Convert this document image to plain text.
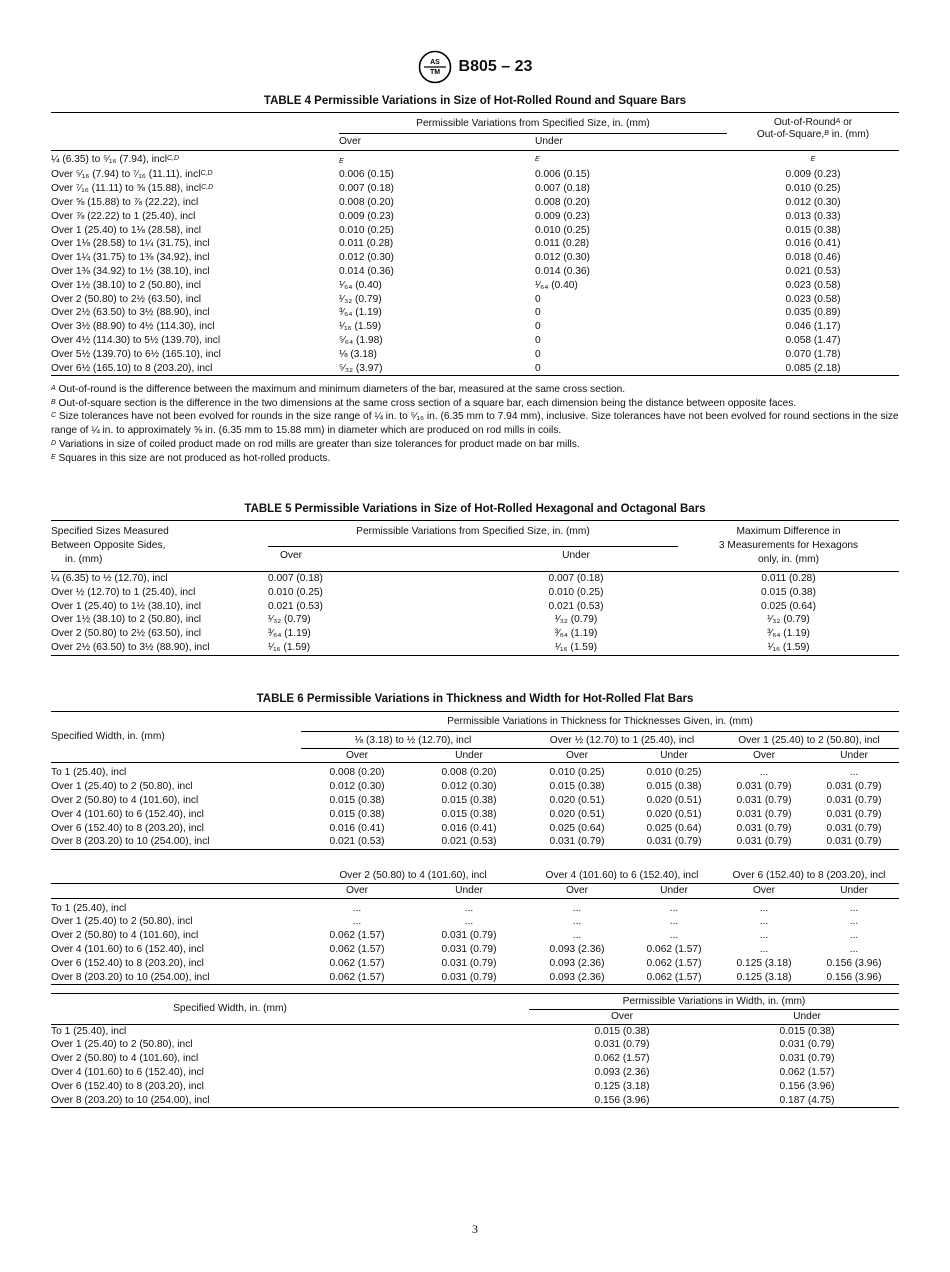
AS
TM B805 – 23
TABLE 4 Permissible Variations in Size of Hot-Rolled Round and Square Bars
	Permissible Variations from Specified Size, in. (mm)		Out-of-Round$^A$ or
Out-of-Square,$^B$ in. (mm)
	Over	Under	
¼ (6.35) to ⁵⁄₁₆ (7.94), incl$^{C,D}$	E	E	E
Over ⁵⁄₁₆ (7.94) to ⁷⁄₁₆ (11.11), incl$^{C,D}$	0.006 (0.15)	0.006 (0.15)	0.009 (0.23)
Over ⁷⁄₁₆ (11.11) to ⅝ (15.88), incl$^{C,D}$	0.007 (0.18)	0.007 (0.18)	0.010 (0.25)
Over ⅝ (15.88) to ⅞ (22.22), incl	0.008 (0.20)	0.008 (0.20)	0.012 (0.30)
Over ⅞ (22.22) to 1 (25.40), incl	0.009 (0.23)	0.009 (0.23)	0.013 (0.33)
Over 1 (25.40) to 1⅛ (28.58), incl	0.010 (0.25)	0.010 (0.25)	0.015 (0.38)
Over 1⅛ (28.58) to 1¼ (31.75), incl	0.011 (0.28)	0.011 (0.28)	0.016 (0.41)
Over 1¼ (31.75) to 1⅜ (34.92), incl	0.012 (0.30)	0.012 (0.30)	0.018 (0.46)
Over 1⅜ (34.92) to 1½ (38.10), incl	0.014 (0.36)	0.014 (0.36)	0.021 (0.53)
Over 1½ (38.10) to 2 (50.80), incl	¹⁄₆₄ (0.40)	¹⁄₆₄ (0.40)	0.023 (0.58)
Over 2 (50.80) to 2½ (63.50), incl	¹⁄₃₂ (0.79)	0	0.023 (0.58)
Over 2½ (63.50) to 3½ (88.90), incl	³⁄₆₄ (1.19)	0	0.035 (0.89)
Over 3½ (88.90) to 4½ (114.30), incl	¹⁄₁₆ (1.59)	0	0.046 (1.17)
Over 4½ (114.30) to 5½ (139.70), incl	⁵⁄₆₄ (1.98)	0	0.058 (1.47)
Over 5½ (139.70) to 6½ (165.10), incl	⅛ (3.18)	0	0.070 (1.78)
Over 6½ (165.10) to 8 (203.20), incl	⁵⁄₃₂ (3.97)	0	0.085 (2.18)
$^A$ Out-of-round is the difference between the maximum and minimum diameters of the bar, measured at the same cross section.
$^B$ Out-of-square section is the difference in the two dimensions at the same cross section of a square bar, each dimension being the distance between opposite faces.
$^C$ Size tolerances have not been evolved for rounds in the size range of ¼ in. to ⁵⁄₁₆ in. (6.35 mm to 7.94 mm), inclusive. Size tolerances have not been evolved for round sections in the size range of ¼ in. to approximately ⅝ in. (6.35 mm to 15.88 mm) in diameter which are produced on rod mills in coils.
$^D$ Variations in size of coiled product made on rod mills are greater than size tolerances for product made on bar mills.
$^E$ Squares in this size are not produced as hot-rolled products.
TABLE 5 Permissible Variations in Size of Hot-Rolled Hexagonal and Octagonal Bars
Specified Sizes Measured
Between Opposite Sides,
in. (mm)	Permissible Variations from Specified Size, in. (mm)		Maximum Difference in
3 Measurements for Hexagons
only, in. (mm)
	Over	Under	

¼ (6.35) to ½ (12.70), incl	0.007 (0.18)	0.007 (0.18)	0.011 (0.28)
Over ½ (12.70) to 1 (25.40), incl	0.010 (0.25)	0.010 (0.25)	0.015 (0.38)
Over 1 (25.40) to 1½ (38.10), incl	0.021 (0.53)	0.021 (0.53)	0.025 (0.64)
Over 1½ (38.10) to 2 (50.80), incl	¹⁄₃₂ (0.79)	¹⁄₃₂ (0.79)	¹⁄₃₂ (0.79)
Over 2 (50.80) to 2½ (63.50), incl	³⁄₆₄ (1.19)	³⁄₆₄ (1.19)	³⁄₆₄ (1.19)
Over 2½ (63.50) to 3½ (88.90), incl	¹⁄₁₆ (1.59)	¹⁄₁₆ (1.59)	¹⁄₁₆ (1.59)
TABLE 6 Permissible Variations in Thickness and Width for Hot-Rolled Flat Bars
Specified Width, in. (mm)	Permissible Variations in Thickness for Thicknesses Given, in. (mm)					
	⅛ (3.18) to ½ (12.70), incl		Over ½ (12.70) to 1 (25.40), incl		Over 1 (25.40) to 2 (50.80), incl	
	Over	Under	Over	Under	Over	Under
To 1 (25.40), incl	0.008 (0.20)	0.008 (0.20)	0.010 (0.25)	0.010 (0.25)	...	...
Over 1 (25.40) to 2 (50.80), incl	0.012 (0.30)	0.012 (0.30)	0.015 (0.38)	0.015 (0.38)	0.031 (0.79)	0.031 (0.79)
Over 2 (50.80) to 4 (101.60), incl	0.015 (0.38)	0.015 (0.38)	0.020 (0.51)	0.020 (0.51)	0.031 (0.79)	0.031 (0.79)
Over 4 (101.60) to 6 (152.40), incl	0.015 (0.38)	0.015 (0.38)	0.020 (0.51)	0.020 (0.51)	0.031 (0.79)	0.031 (0.79)
Over 6 (152.40) to 8 (203.20), incl	0.016 (0.41)	0.016 (0.41)	0.025 (0.64)	0.025 (0.64)	0.031 (0.79)	0.031 (0.79)
Over 8 (203.20) to 10 (254.00), incl	0.021 (0.53)	0.021 (0.53)	0.031 (0.79)	0.031 (0.79)	0.031 (0.79)	0.031 (0.79)
	Over 2 (50.80) to 4 (101.60), incl		Over 4 (101.60) to 6 (152.40), incl		Over 6 (152.40) to 8 (203.20), incl	
	Over	Under	Over	Under	Over	Under
To 1 (25.40), incl	...	...	...	...	...	...
Over 1 (25.40) to 2 (50.80), incl	...	...	...	...	...	...
Over 2 (50.80) to 4 (101.60), incl	0.062 (1.57)	0.031 (0.79)	...	...	...	...
Over 4 (101.60) to 6 (152.40), incl	0.062 (1.57)	0.031 (0.79)	0.093 (2.36)	0.062 (1.57)	...	...
Over 6 (152.40) to 8 (203.20), incl	0.062 (1.57)	0.031 (0.79)	0.093 (2.36)	0.062 (1.57)	0.125 (3.18)	0.156 (3.96)
Over 8 (203.20) to 10 (254.00), incl	0.062 (1.57)	0.031 (0.79)	0.093 (2.36)	0.062 (1.57)	0.125 (3.18)	0.156 (3.96)
Specified Width, in. (mm)	Permissible Variations in Width, in. (mm)	
	Over	Under
To 1 (25.40), incl	0.015 (0.38)	0.015 (0.38)
Over 1 (25.40) to 2 (50.80), incl	0.031 (0.79)	0.031 (0.79)
Over 2 (50.80) to 4 (101.60), incl	0.062 (1.57)	0.031 (0.79)
Over 4 (101.60) to 6 (152.40), incl	0.093 (2.36)	0.062 (1.57)
Over 6 (152.40) to 8 (203.20), incl	0.125 (3.18)	0.156 (3.96)
Over 8 (203.20) to 10 (254.00), incl	0.156 (3.96)	0.187 (4.75)
3
